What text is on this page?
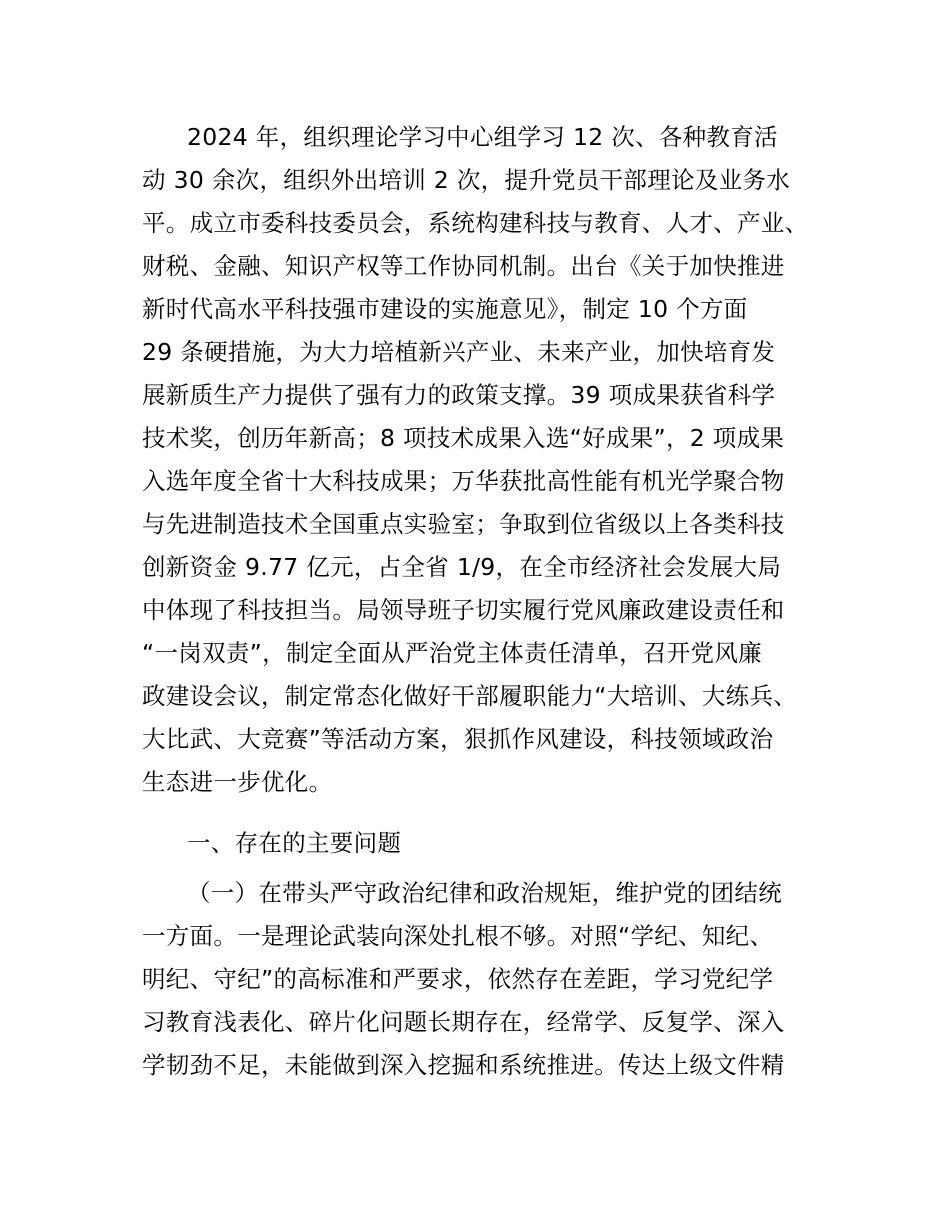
2024 年，组织理论学习中心组学习 12 次、各种教育活
动 30 余次，组织外出培训 2 次，提升党员干部理论及业务水
平。成立市委科技委员会，系统构建科技与教育、人才、产业、
财税、金融、知识产权等工作协同机制。出台《关于加快推进
新时代高水平科技强市建设的实施意见》，制定 10 个方面
29 条硬措施，为大力培植新兴产业、未来产业，加快培育发
展新质生产力提供了强有力的政策支撑。39 项成果获省科学
技术奖，创历年新高；8 项技术成果入选“好成果”，2 项成果
入选年度全省十大科技成果；万华获批高性能有机光学聚合物
与先进制造技术全国重点实验室；争取到位省级以上各类科技
创新资金 9.77 亿元，占全省 1/9，在全市经济社会发展大局
中体现了科技担当。局领导班子切实履行党风廉政建设责任和
“一岗双责”，制定全面从严治党主体责任清单，召开党风廉
政建设会议，制定常态化做好干部履职能力“大培训、大练兵、
大比武、大竞赛”等活动方案，狠抓作风建设，科技领域政治
生态进一步优化。
一、存在的主要问题
（一）在带头严守政治纪律和政治规矩，维护党的团结统
一方面。一是理论武装向深处扎根不够。对照“学纪、知纪、
明纪、守纪”的高标准和严要求，依然存在差距，学习党纪学
习教育浅表化、碎片化问题长期存在，经常学、反复学、深入
学韧劲不足，未能做到深入挖掘和系统推进。传达上级文件精
